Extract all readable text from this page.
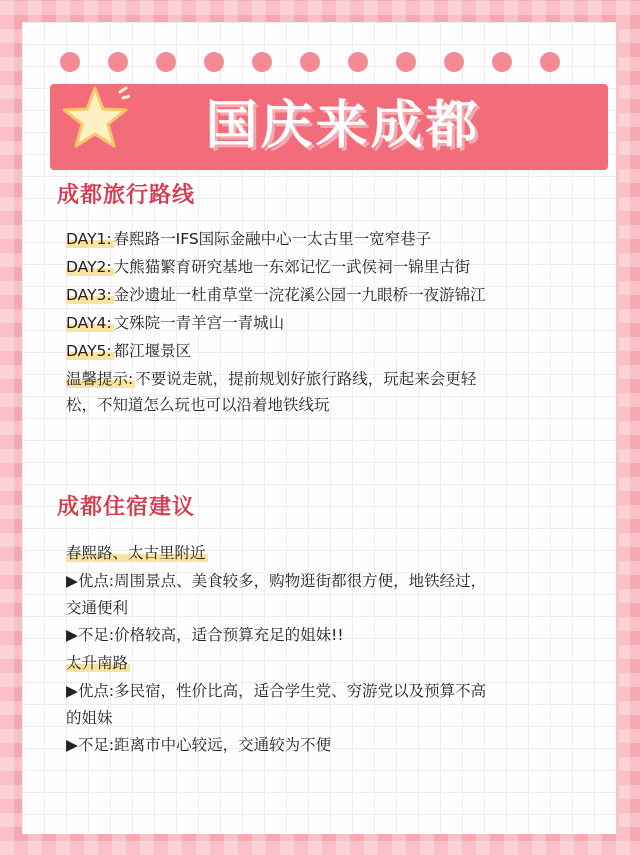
国庆来成都
成都旅行路线
DAY1: 春熙路一IFS国际金融中心一太古里一宽窄巷子
DAY2: 大熊猫繁育研究基地一东郊记忆一武侯祠一锦里古街
DAY3: 金沙遗址一杜甫草堂一浣花溪公园一九眼桥一夜游锦江
DAY4: 文殊院一青羊宫一青城山
DAY5: 都江堰景区
温馨提示: 不要说走就，提前规划好旅行路线，玩起来会更轻
松，不知道怎么玩也可以沿着地铁线玩
成都住宿建议
春熙路、太古里附近
▶优点:周围景点、美食较多，购物逛街都很方便，地铁经过，
交通便利
▶不足:价格较高，适合预算充足的姐妹!!
太升南路
▶优点:多民宿，性价比高，适合学生党、穷游党以及预算不高
的姐妹
▶不足:距离市中心较远，交通较为不便
